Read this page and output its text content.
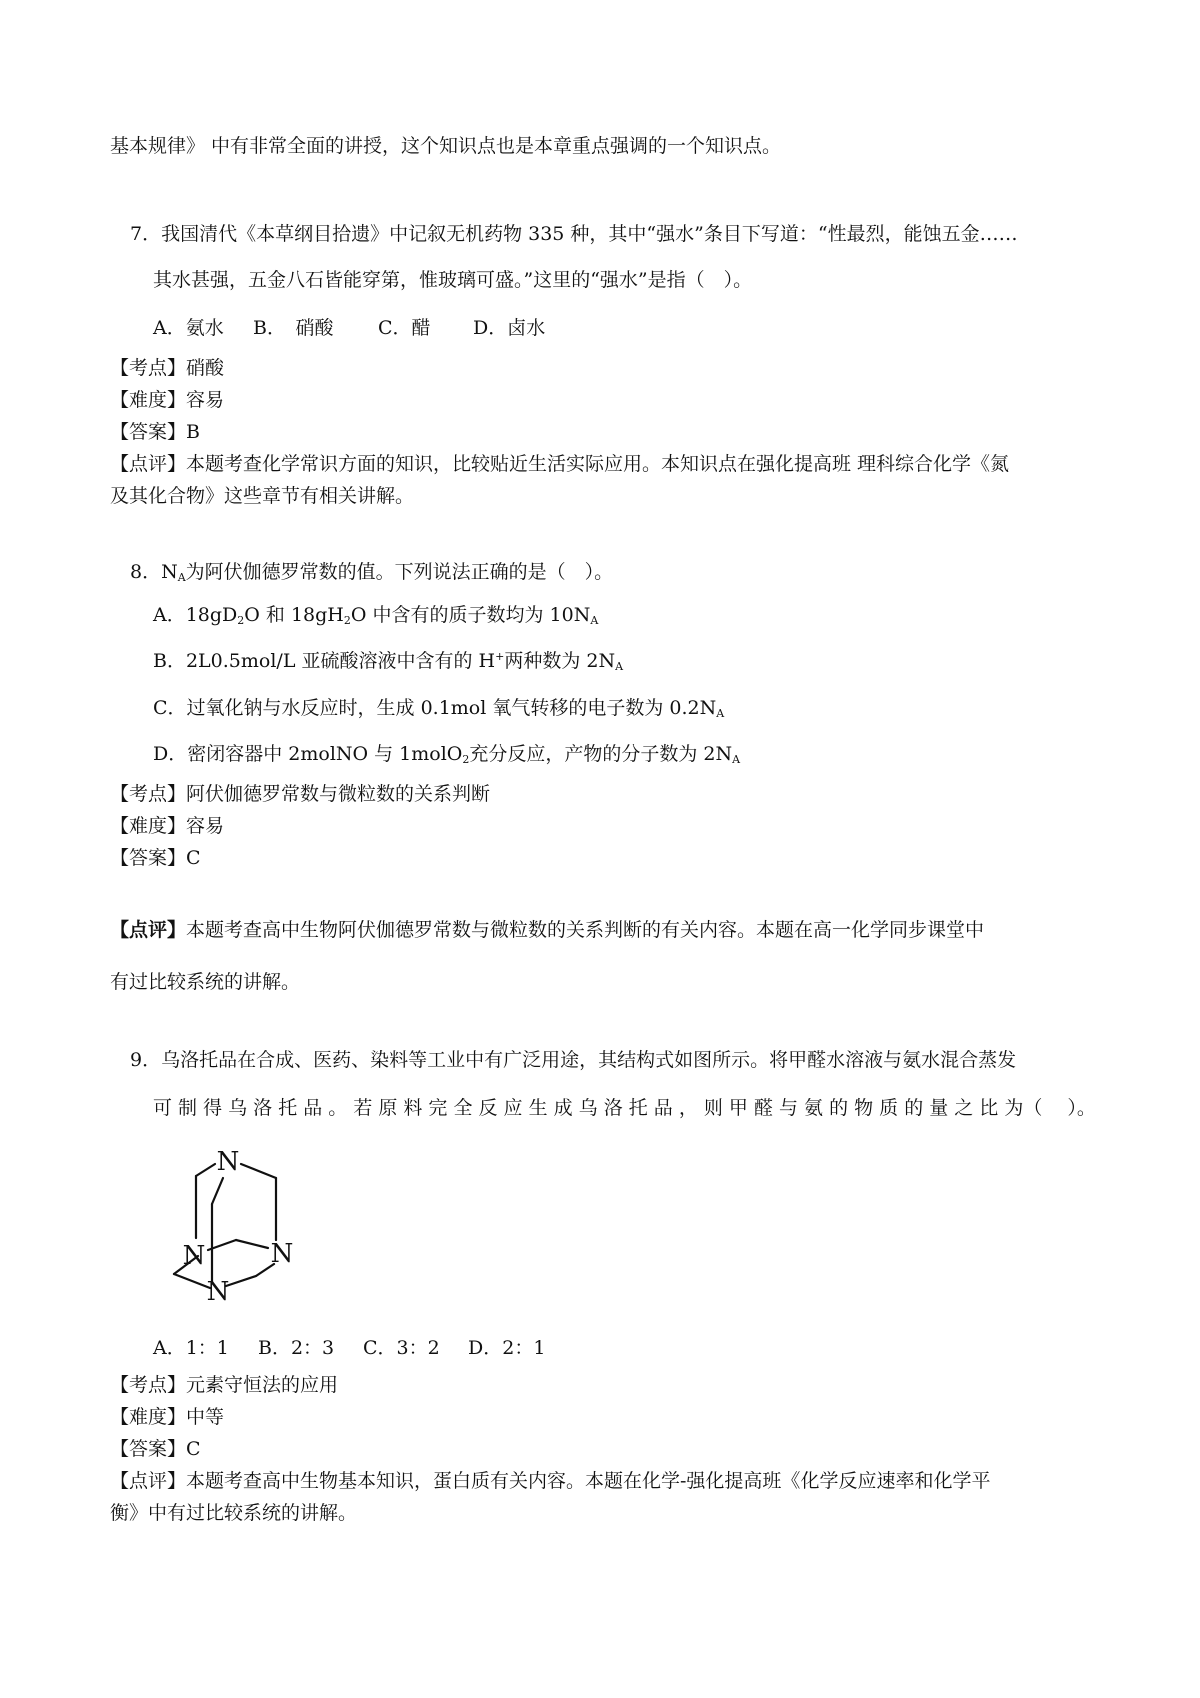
基本规律》 中有非常全面的讲授，这个知识点也是本章重点强调的一个知识点。
7．我国清代《本草纲目拾遗》中记叙无机药物 335 种，其中“强水”条目下写道：“性最烈，能蚀五金……
其水甚强，五金八石皆能穿第，惟玻璃可盛。”这里的“强水”是指（　）。
A．氨水 B．　硝酸 C．醋 D．卤水
【考点】硝酸
【难度】容易
【答案】B
【点评】本题考查化学常识方面的知识，比较贴近生活实际应用。本知识点在强化提高班 理科综合化学《氮
及其化合物》这些章节有相关讲解。
8．$N_A$为阿伏伽德罗常数的值。下列说法正确的是（　）。
A．$18gD_2O$ 和 $18gH_2O$ 中含有的质子数均为 $10N_A$
B．2L0.5mol/L 亚硫酸溶液中含有的 H+两种数为 $2N_A$
C．过氧化钠与水反应时，生成 0.1mol 氧气转移的电子数为 $0.2N_A$
D．密闭容器中 2molNO 与 1molO$_2$充分反应，产物的分子数为 $2N_A$
【考点】阿伏伽德罗常数与微粒数的关系判断
【难度】容易
【答案】C
【点评】本题考查高中生物阿伏伽德罗常数与微粒数的关系判断的有关内容。本题在高一化学同步课堂中
有过比较系统的讲解。
9．乌洛托品在合成、医药、染料等工业中有广泛用途，其结构式如图所示。将甲醛水溶液与氨水混合蒸发
可 制 得 乌 洛 托 品 。 若 原 料 完 全 反 应 生 成 乌 洛 托 品 ， 则 甲 醛 与 氨 的 物 质 的 量 之 比 为（　 ）。
N
N	N
N
A．1：1 B．2：3 C．3：2 D．2：1
【考点】元素守恒法的应用
【难度】中等
【答案】C
【点评】本题考查高中生物基本知识，蛋白质有关内容。本题在化学-强化提高班《化学反应速率和化学平
衡》中有过比较系统的讲解。
